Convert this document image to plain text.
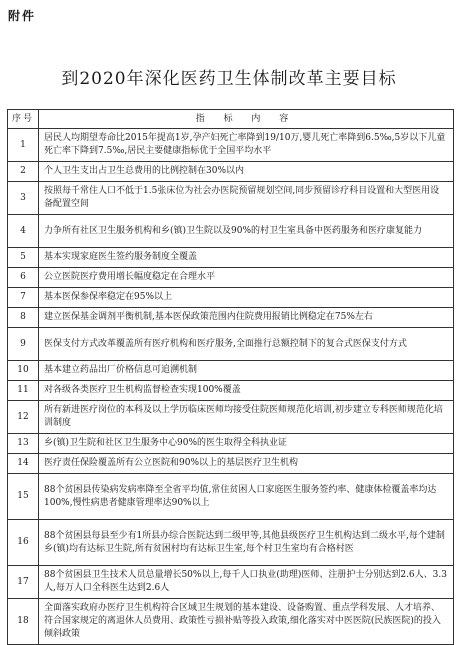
附件
到2020年深化医药卫生体制改革主要目标
序号	指 标 内 容
1	居民人均期望寿命比2015年提高1岁,孕产妇死亡率降到19/10万,婴儿死亡率降到6.5‰,5岁以下儿童死亡率下降到7.5‰,居民主要健康指标优于全国平均水平
2	个人卫生支出占卫生总费用的比例控制在30%以内
3	按照每千常住人口不低于1.5张床位为社会办医院预留规划空间,同步预留诊疗科目设置和大型医用设备配置空间
4	力争所有社区卫生服务机构和乡(镇)卫生院以及90%的村卫生室具备中医药服务和医疗康复能力
5	基本实现家庭医生签约服务制度全覆盖
6	公立医院医疗费用增长幅度稳定在合理水平
7	基本医保参保率稳定在95%以上
8	建立医保基金调剂平衡机制,基本医保政策范围内住院费用报销比例稳定在75%左右
9	医保支付方式改革覆盖所有医疗机构和医疗服务,全面推行总额控制下的复合式医保支付方式
10	基本建立药品出厂价格信息可追溯机制
11	对各级各类医疗卫生机构监督检查实现100%覆盖
12	所有新进医疗岗位的本科及以上学历临床医师均接受住院医师规范化培训,初步建立专科医师规范化培训制度
13	乡(镇)卫生院和社区卫生服务中心90%的医生取得全科执业证
14	医疗责任保险覆盖所有公立医院和90%以上的基层医疗卫生机构
15	88个贫困县传染病发病率降至全省平均值,常住贫困人口家庭医生服务签约率、健康体检覆盖率均达100%,慢性病患者健康管理率达90%以上
16	88个贫困县每县至少有1所县办综合医院达到二级甲等,其他县级医疗卫生机构达到二级水平,每个建制乡(镇)均有达标卫生院,所有贫困村均有达标卫生室,每个村卫生室均有合格村医
17	88个贫困县卫生技术人员总量增长50%以上,每千人口执业(助理)医师、注册护士分别达到2.6人、3.3人,每万人口全科医生达到2.6人
18	全面落实政府办医疗卫生机构符合区域卫生规划的基本建设、设备购置、重点学科发展、人才培养、符合国家规定的离退休人员费用、政策性亏损补贴等投入政策,细化落实对中医医院(民族医院)的投入倾斜政策
